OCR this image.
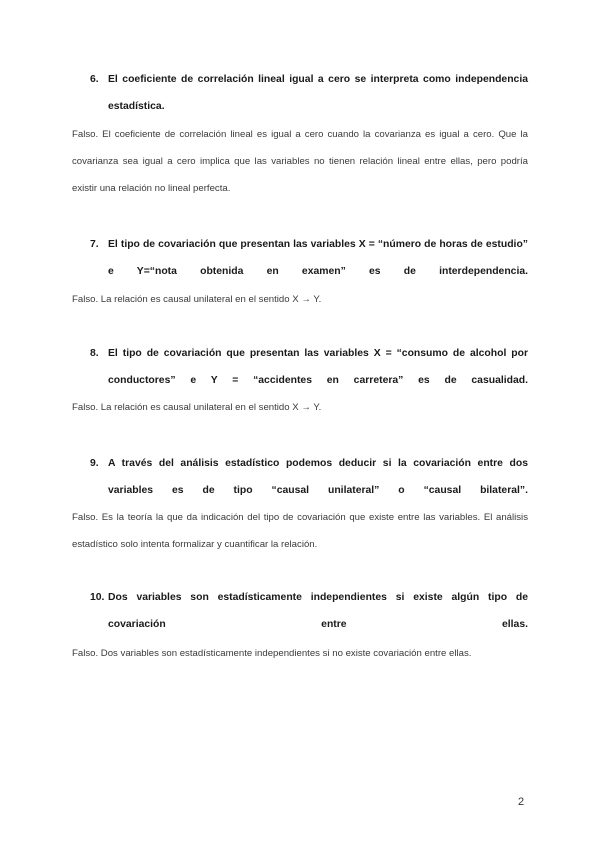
6. El coeficiente de correlación lineal igual a cero se interpreta como independencia estadística.

Falso. El coeficiente de correlación lineal es igual a cero cuando la covarianza es igual a cero. Que la covarianza sea igual a cero implica que las variables no tienen relación lineal entre ellas, pero podría existir una relación no lineal perfecta.

7. El tipo de covariación que presentan las variables X = “número de horas de estudio” e Y=“nota obtenida en examen” es de interdependencia.

Falso. La relación es causal unilateral en el sentido X → Y.

8. El tipo de covariación que presentan las variables X = “consumo de alcohol por conductores” e Y = “accidentes en carretera” es de casualidad.

Falso. La relación es causal unilateral en el sentido X → Y.

9. A través del análisis estadístico podemos deducir si la covariación entre dos variables es de tipo “causal unilateral” o “causal bilateral”.

Falso. Es la teoría la que da indicación del tipo de covariación que existe entre las variables. El análisis estadístico solo intenta formalizar y cuantificar la relación.

10. Dos variables son estadísticamente independientes si existe algún tipo de covariación entre ellas.

Falso. Dos variables son estadísticamente independientes si no existe covariación entre ellas.

2
